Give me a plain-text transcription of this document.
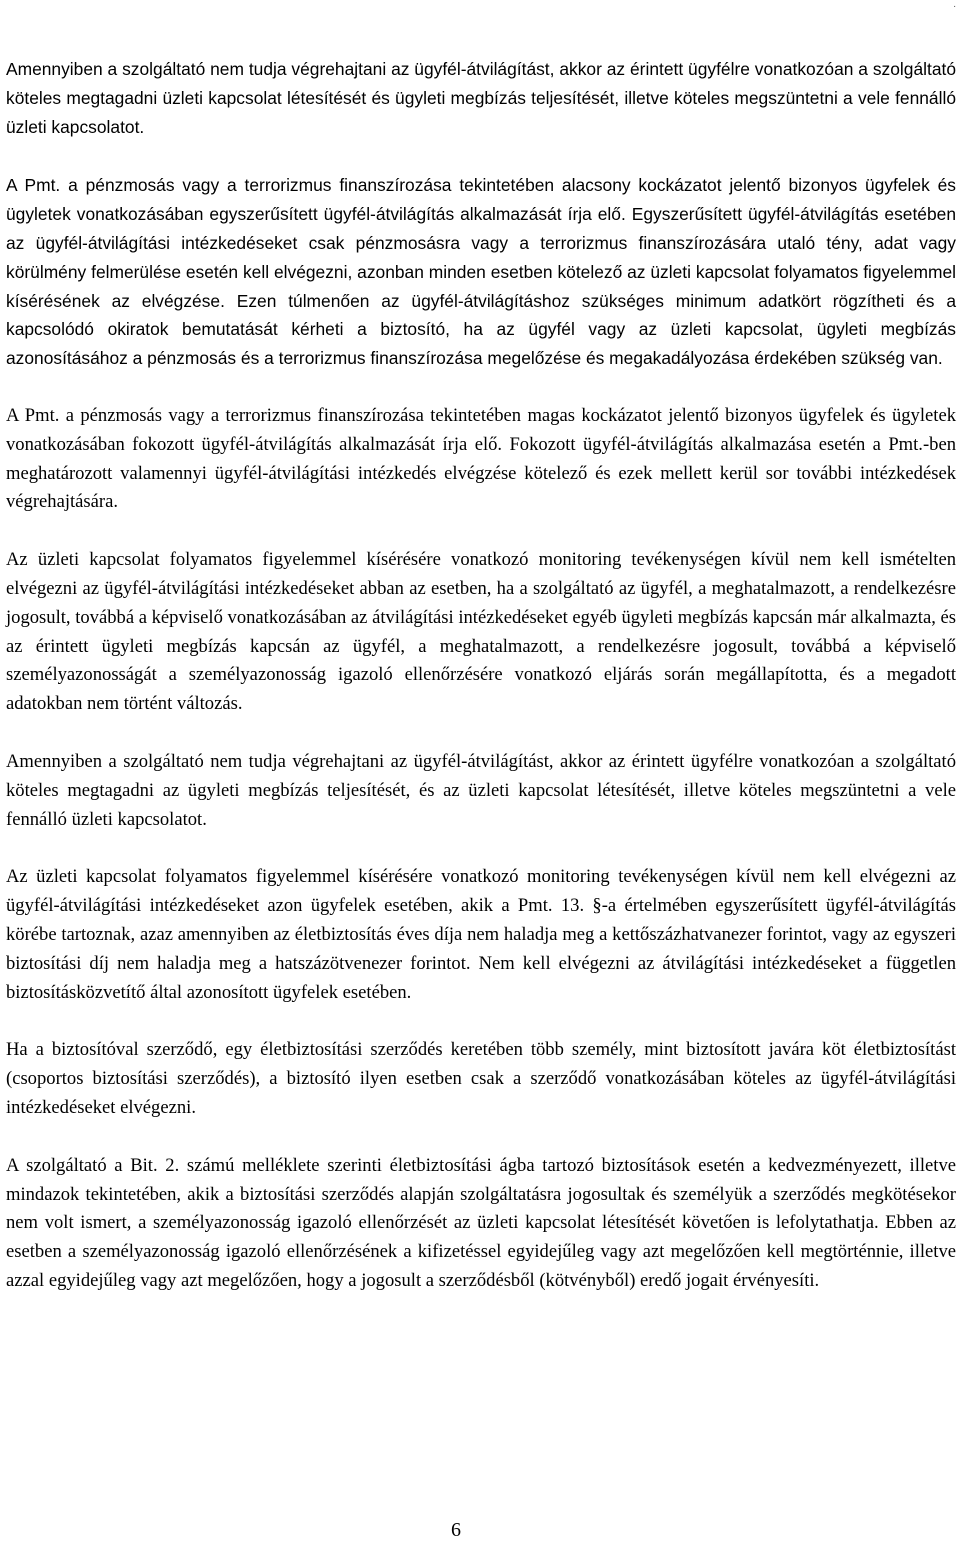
.

Amennyiben a szolgáltató nem tudja végrehajtani az ügyfél-átvilágítást, akkor az érintett ügyfélre vonatkozóan a szolgáltató köteles megtagadni üzleti kapcsolat létesítését és ügyleti megbízás teljesítését, illetve köteles megszüntetni a vele fennálló üzleti kapcsolatot.

A Pmt. a pénzmosás vagy a terrorizmus finanszírozása tekintetében alacsony kockázatot jelentő bizonyos ügyfelek és ügyletek vonatkozásában egyszerűsített ügyfél-átvilágítás alkalmazását írja elő. Egyszerűsített ügyfél-átvilágítás esetében az ügyfél-átvilágítási intézkedéseket csak pénzmosásra vagy a terrorizmus finanszírozására utaló tény, adat vagy körülmény felmerülése esetén kell elvégezni, azonban minden esetben kötelező az üzleti kapcsolat folyamatos figyelemmel kísérésének az elvégzése. Ezen túlmenően az ügyfél-átvilágításhoz szükséges minimum adatkört rögzítheti és a kapcsolódó okiratok bemutatását kérheti a biztosító, ha az ügyfél vagy az üzleti kapcsolat, ügyleti megbízás azonosításához a pénzmosás és a terrorizmus finanszírozása megelőzése és megakadályozása érdekében szükség van.

A Pmt. a pénzmosás vagy a terrorizmus finanszírozása tekintetében magas kockázatot jelentő bizonyos ügyfelek és ügyletek vonatkozásában fokozott ügyfél-átvilágítás alkalmazását írja elő. Fokozott ügyfél-átvilágítás alkalmazása esetén a Pmt.-ben meghatározott valamennyi ügyfél-átvilágítási intézkedés elvégzése kötelező és ezek mellett kerül sor további intézkedések végrehajtására.

Az üzleti kapcsolat folyamatos figyelemmel kísérésére vonatkozó monitoring tevékenységen kívül nem kell ismételten elvégezni az ügyfél-átvilágítási intézkedéseket abban az esetben, ha a szolgáltató az ügyfél, a meghatalmazott, a rendelkezésre jogosult, továbbá a képviselő vonatkozásában az átvilágítási intézkedéseket egyéb ügyleti megbízás kapcsán már alkalmazta, és az érintett ügyleti megbízás kapcsán az ügyfél, a meghatalmazott, a rendelkezésre jogosult, továbbá a képviselő személyazonosságát a személyazonosság igazoló ellenőrzésére vonatkozó eljárás során megállapította, és a megadott adatokban nem történt változás.

Amennyiben a szolgáltató nem tudja végrehajtani az ügyfél-átvilágítást, akkor az érintett ügyfélre vonatkozóan a szolgáltató köteles megtagadni az ügyleti megbízás teljesítését, és az üzleti kapcsolat létesítését, illetve köteles megszüntetni a vele fennálló üzleti kapcsolatot.

Az üzleti kapcsolat folyamatos figyelemmel kísérésére vonatkozó monitoring tevékenységen kívül nem kell elvégezni az ügyfél-átvilágítási intézkedéseket azon ügyfelek esetében, akik a Pmt. 13. §-a értelmében egyszerűsített ügyfél-átvilágítás körébe tartoznak, azaz amennyiben az életbiztosítás éves díja nem haladja meg a kettőszázhatvanezer forintot, vagy az egyszeri biztosítási díj nem haladja meg a hatszázötvenezer forintot. Nem kell elvégezni az átvilágítási intézkedéseket a független biztosításközvetítő által azonosított ügyfelek esetében.

Ha a biztosítóval szerződő, egy életbiztosítási szerződés keretében több személy, mint biztosított javára köt életbiztosítást (csoportos biztosítási szerződés), a biztosító ilyen esetben csak a szerződő vonatkozásában köteles az ügyfél-átvilágítási intézkedéseket elvégezni.

A szolgáltató a Bit. 2. számú melléklete szerinti életbiztosítási ágba tartozó biztosítások esetén a kedvezményezett, illetve mindazok tekintetében, akik a biztosítási szerződés alapján szolgáltatásra jogosultak és személyük a szerződés megkötésekor nem volt ismert, a személyazonosság igazoló ellenőrzését az üzleti kapcsolat létesítését követően is lefolytathatja. Ebben az esetben a személyazonosság igazoló ellenőrzésének a kifizetéssel egyidejűleg vagy azt megelőzően kell megtörténnie, illetve azzal egyidejűleg vagy azt megelőzően, hogy a jogosult a szerződésből (kötvényből) eredő jogait érvényesíti.

6
